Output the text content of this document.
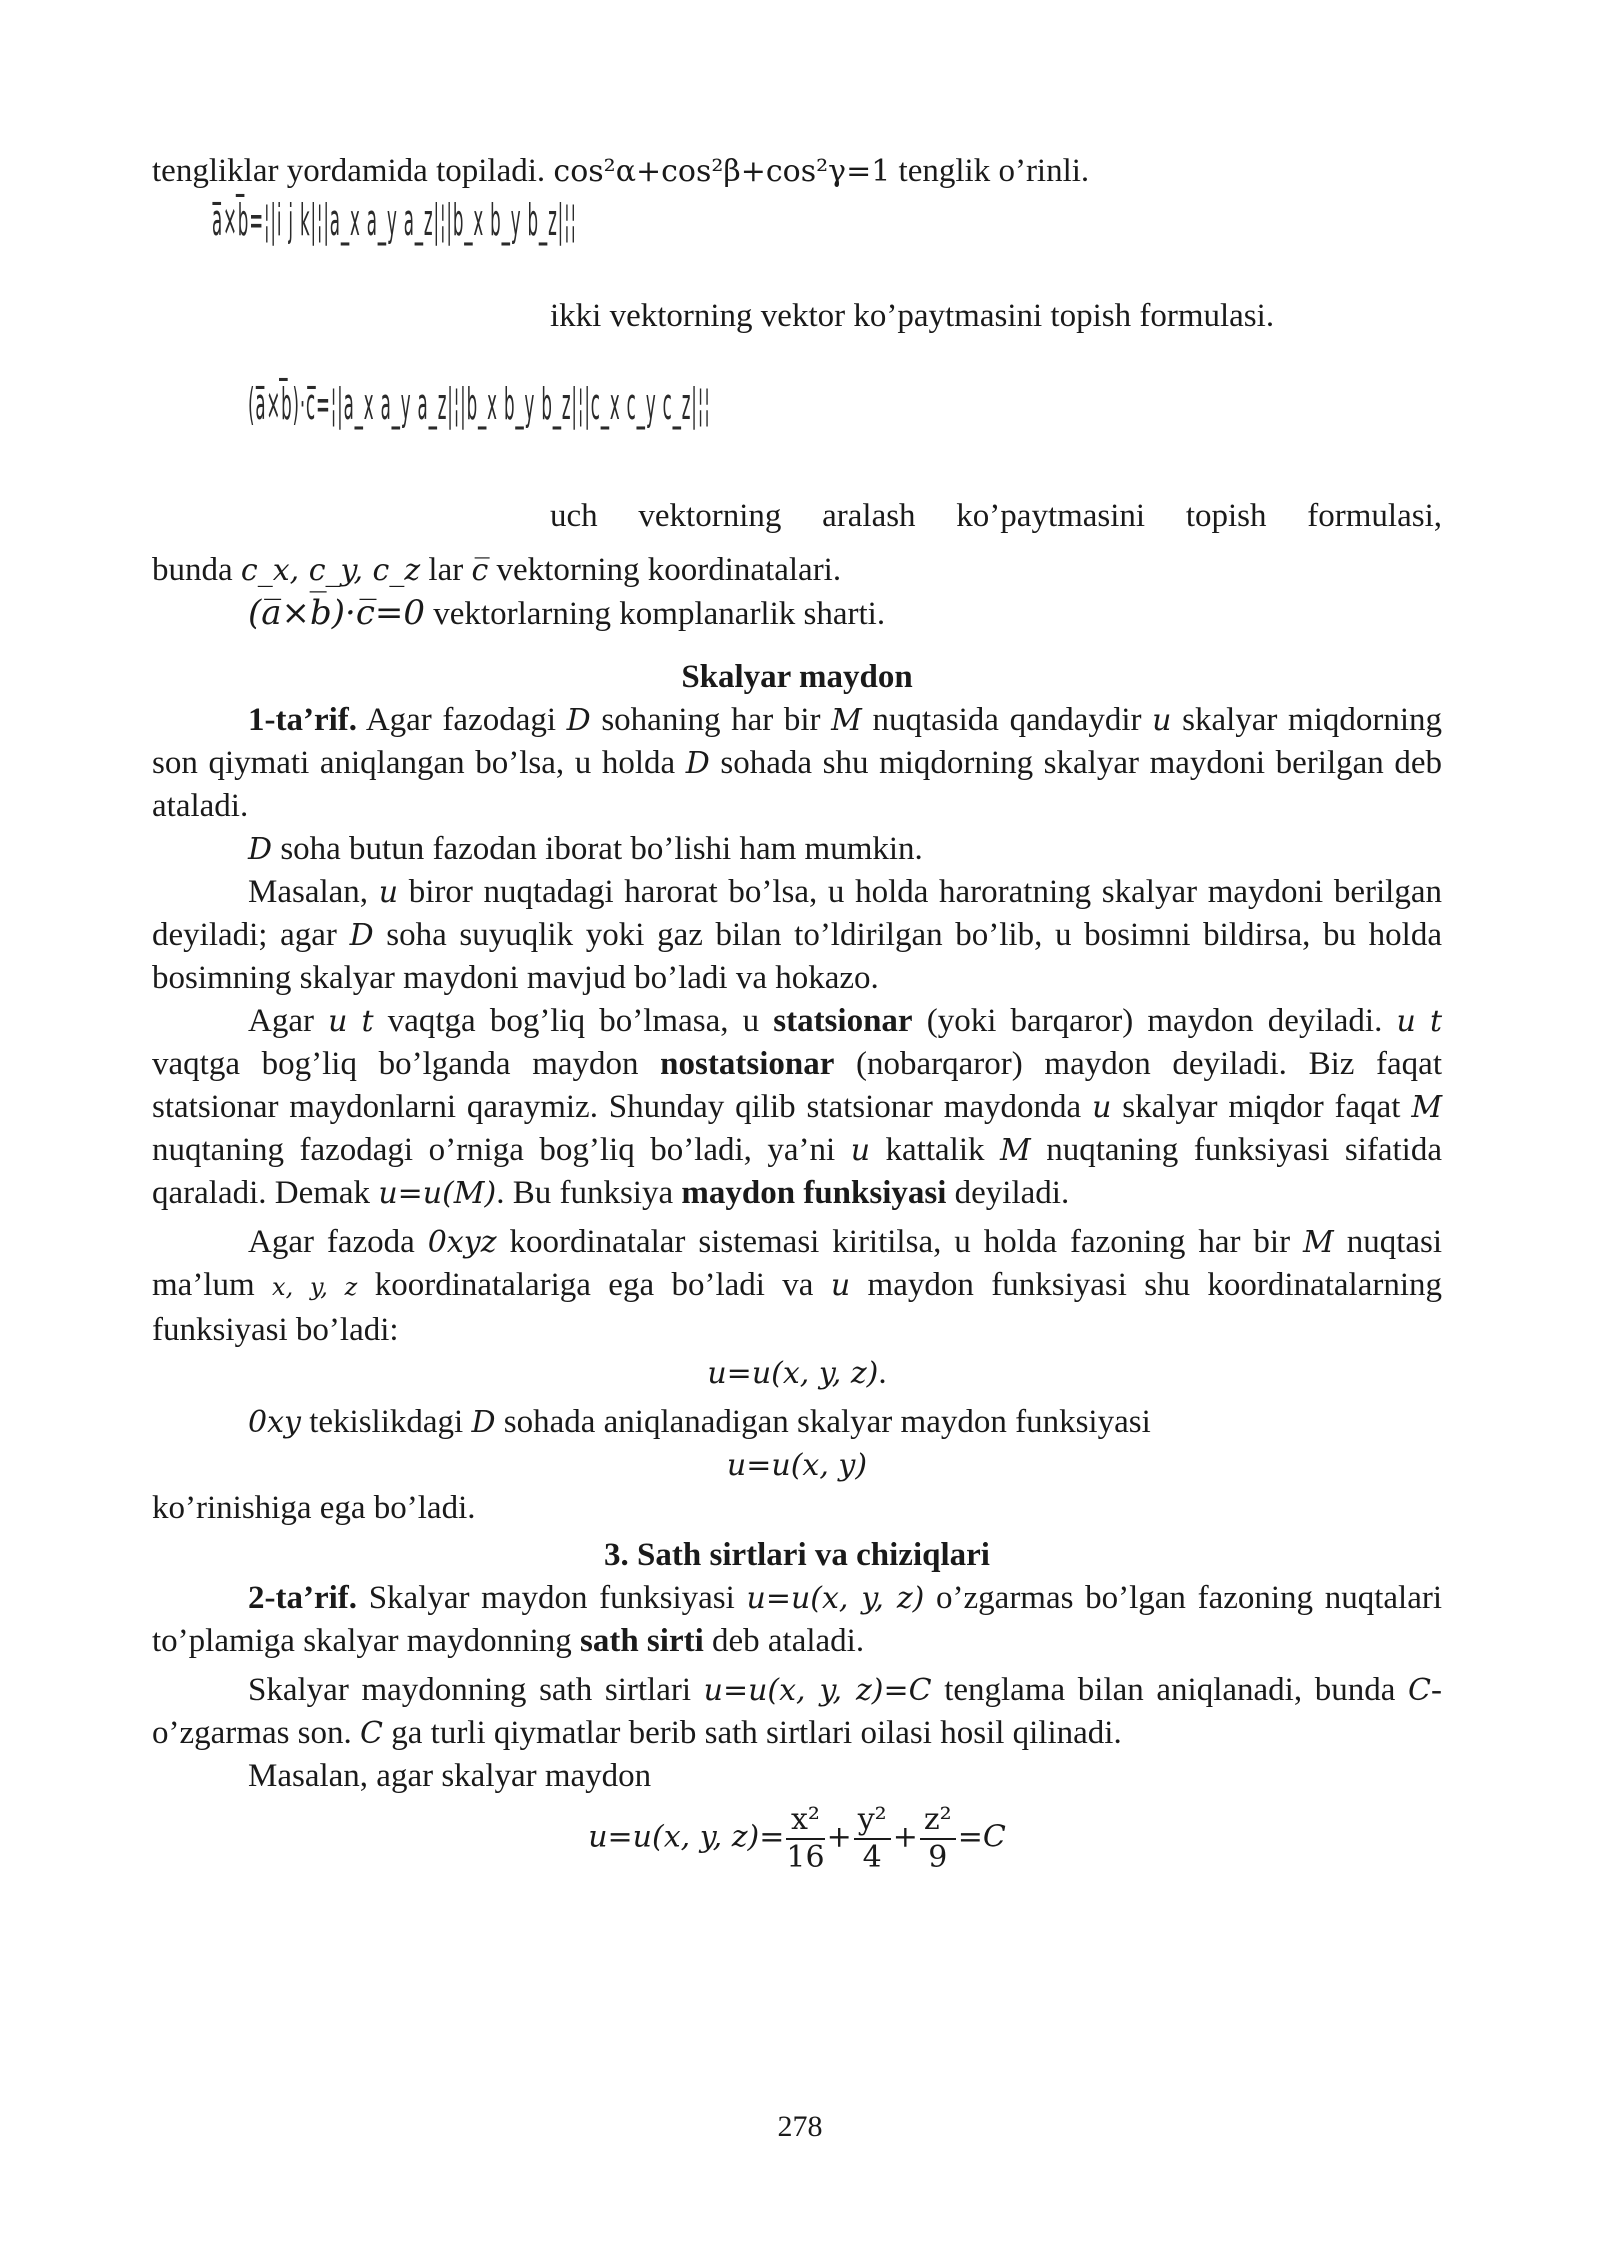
tengliklar yordamida topiladi. cos²α+cos²β+cos²γ=1 tenglik o’rinli.

a̅×b̅=¦|i j k|¦|a_x a_y a_z|¦|b_x b_y b_z|¦¦
ikki vektorning vektor ko’paytmasini topish formulasi.
(a̅×b̅)·c̅=¦|a_x a_y a_z|¦|b_x b_y b_z|¦|c_x c_y c_z|¦¦
uch vektorning aralash ko’paytmasini topish formulasi,

bunda c_x, c_y, c_z lar c̅ vektorning koordinatalari.

(a̅×b̅)·c̅=0 vektorlarning komplanarlik sharti.

Skalyar maydon

1-ta’rif. Agar fazodagi D sohaning har bir M nuqtasida qandaydir u skalyar miqdorning son qiymati aniqlangan bo’lsa, u holda D sohada shu miqdorning skalyar maydoni berilgan deb ataladi.

D soha butun fazodan iborat bo’lishi ham mumkin.

Masalan, u biror nuqtadagi harorat bo’lsa, u holda haroratning skalyar maydoni berilgan deyiladi; agar D soha suyuqlik yoki gaz bilan to’ldirilgan bo’lib, u bosimni bildirsa, bu holda bosimning skalyar maydoni mavjud bo’ladi va hokazo.

Agar u t vaqtga bog’liq bo’lmasa, u statsionar (yoki barqaror) maydon deyiladi. u t vaqtga bog’liq bo’lganda maydon nostatsionar (nobarqaror) maydon deyiladi. Biz faqat statsionar maydonlarni qaraymiz. Shunday qilib statsionar maydonda u skalyar miqdor faqat M nuqtaning fazodagi o’rniga bog’liq bo’ladi, ya’ni u kattalik M nuqtaning funksiyasi sifatida qaraladi. Demak u=u(M). Bu funksiya maydon funksiyasi deyiladi.

Agar fazoda 0xyz koordinatalar sistemasi kiritilsa, u holda fazoning har bir M nuqtasi ma’lum x, y, z koordinatalariga ega bo’ladi va u maydon funksiyasi shu koordinatalarning funksiyasi bo’ladi:

u=u(x, y, z).

0xy tekislikdagi D sohada aniqlanadigan skalyar maydon funksiyasi

u=u(x, y)

ko’rinishiga ega bo’ladi.

3. Sath sirtlari va chiziqlari

2-ta’rif. Skalyar maydon funksiyasi u=u(x, y, z) o’zgarmas bo’lgan fazoning nuqtalari to’plamiga skalyar maydonning sath sirti deb ataladi.

Skalyar maydonning sath sirtlari u=u(x, y, z)=C tenglama bilan aniqlanadi, bunda C-o’zgarmas son. C ga turli qiymatlar berib sath sirtlari oilasi hosil qilinadi.

Masalan, agar skalyar maydon

u=u(x, y, $z)= \frac{\text{x²}}{16} + \frac{\text{y²}}{4} + \frac{\text{z²}}{9} =C$

278
